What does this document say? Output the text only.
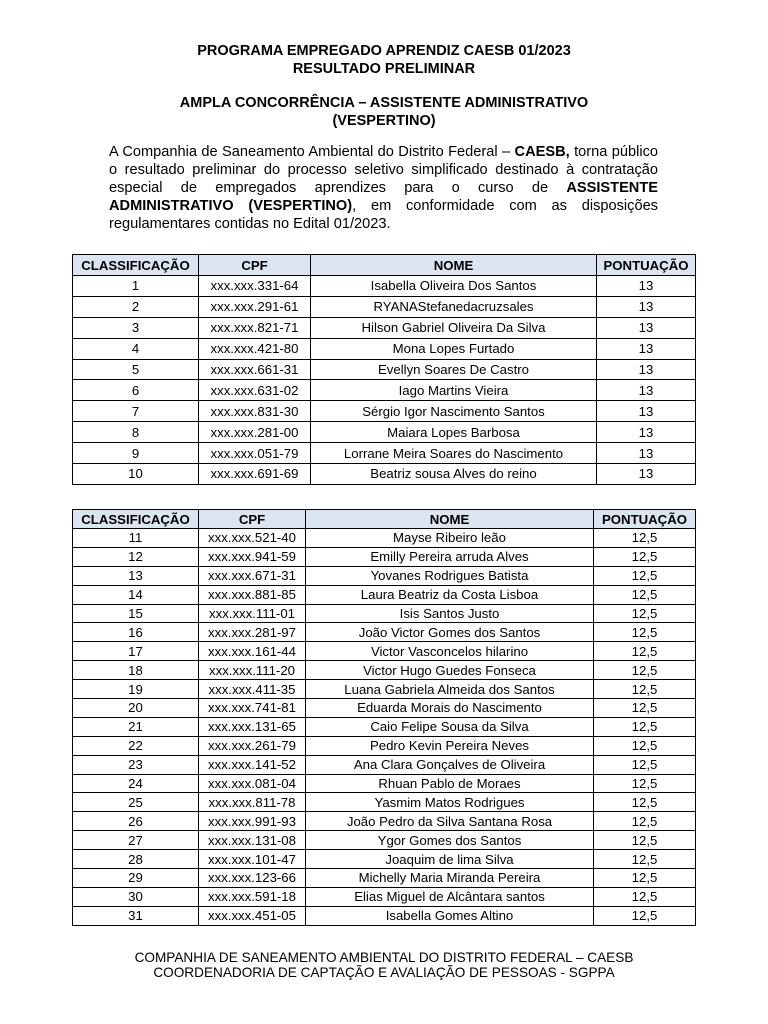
PROGRAMA EMPREGADO APRENDIZ CAESB 01/2023
RESULTADO PRELIMINAR
AMPLA CONCORRÊNCIA – ASSISTENTE ADMINISTRATIVO
(VESPERTINO)
A Companhia de Saneamento Ambiental do Distrito Federal – CAESB, torna público o resultado preliminar do processo seletivo simplificado destinado à contratação especial de empregados aprendizes para o curso de ASSISTENTE ADMINISTRATIVO (VESPERTINO), em conformidade com as disposições regulamentares contidas no Edital 01/2023.
CLASSIFICAÇÃO	CPF	NOME	PONTUAÇÃO
1	xxx.xxx.331-64	Isabella Oliveira Dos Santos	13
2	xxx.xxx.291-61	RYANAStefanedacruzsales	13
3	xxx.xxx.821-71	Hilson Gabriel Oliveira Da Silva	13
4	xxx.xxx.421-80	Mona Lopes Furtado	13
5	xxx.xxx.661-31	Evellyn Soares De Castro	13
6	xxx.xxx.631-02	Iago Martins Vieira	13
7	xxx.xxx.831-30	Sérgio Igor Nascimento Santos	13
8	xxx.xxx.281-00	Maiara Lopes Barbosa	13
9	xxx.xxx.051-79	Lorrane Meira Soares do Nascimento	13
10	xxx.xxx.691-69	Beatriz sousa Alves do reino	13
CLASSIFICAÇÃO	CPF	NOME	PONTUAÇÃO
11	xxx.xxx.521-40	Mayse Ribeiro leão	12,5
12	xxx.xxx.941-59	Emilly Pereira arruda Alves	12,5
13	xxx.xxx.671-31	Yovanes Rodrigues Batista	12,5
14	xxx.xxx.881-85	Laura Beatriz da Costa Lisboa	12,5
15	xxx.xxx.111-01	Isis Santos Justo	12,5
16	xxx.xxx.281-97	João Victor Gomes dos Santos	12,5
17	xxx.xxx.161-44	Victor Vasconcelos hilarino	12,5
18	xxx.xxx.111-20	Victor Hugo Guedes Fonseca	12,5
19	xxx.xxx.411-35	Luana Gabriela Almeida dos Santos	12,5
20	xxx.xxx.741-81	Eduarda Morais do Nascimento	12,5
21	xxx.xxx.131-65	Caio Felipe Sousa da Silva	12,5
22	xxx.xxx.261-79	Pedro Kevin Pereira Neves	12,5
23	xxx.xxx.141-52	Ana Clara Gonçalves de Oliveira	12,5
24	xxx.xxx.081-04	Rhuan Pablo de Moraes	12,5
25	xxx.xxx.811-78	Yasmim Matos Rodrigues	12,5
26	xxx.xxx.991-93	João Pedro da Silva Santana Rosa	12,5
27	xxx.xxx.131-08	Ygor Gomes dos Santos	12,5
28	xxx.xxx.101-47	Joaquim de lima Silva	12,5
29	xxx.xxx.123-66	Michelly Maria Miranda Pereira	12,5
30	xxx.xxx.591-18	Elias Miguel de Alcântara santos	12,5
31	xxx.xxx.451-05	Isabella Gomes Altino	12,5
COMPANHIA DE SANEAMENTO AMBIENTAL DO DISTRITO FEDERAL – CAESB
COORDENADORIA DE CAPTAÇÃO E AVALIAÇÃO DE PESSOAS - SGPPA
